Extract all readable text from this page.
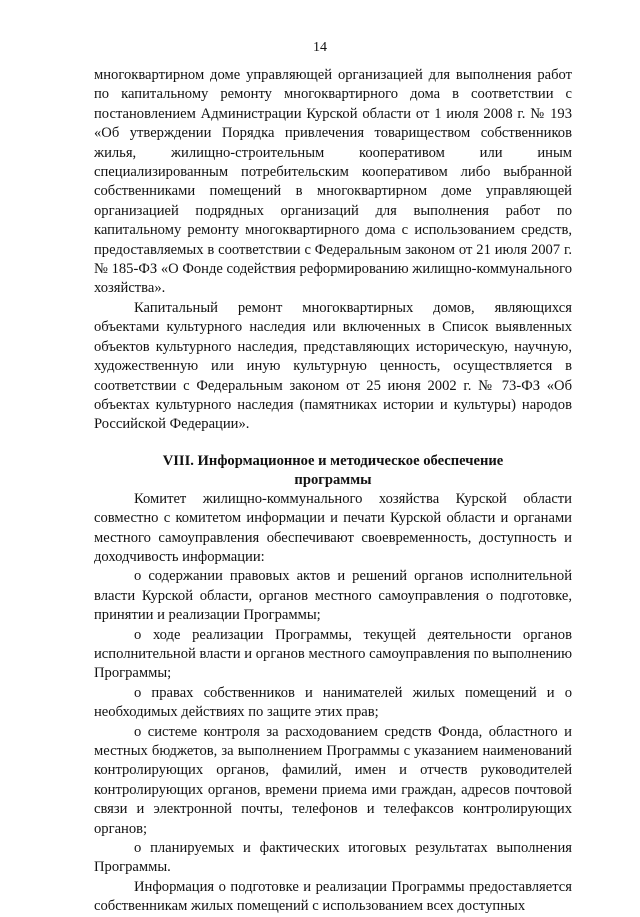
14

многоквартирном доме управляющей организацией для выполнения работ по капитальному ремонту многоквартирного дома в соответствии с постановлением Администрации Курской области от 1 июля 2008 г. № 193 «Об утверждении Порядка привлечения товариществом собственников жилья, жилищно-строительным кооперативом или иным специализированным потребительским кооперативом либо выбранной собственниками помещений в многоквартирном доме управляющей организацией подрядных организаций для выполнения работ по капитальному ремонту многоквартирного дома с использованием средств, предоставляемых в соответствии с Федеральным законом от 21 июля 2007 г. № 185-ФЗ «О Фонде содействия реформированию жилищно-коммунального хозяйства».

Капитальный ремонт многоквартирных домов, являющихся объектами культурного наследия или включенных в Список выявленных объектов культурного наследия, представляющих историческую, научную, художественную или иную культурную ценность, осуществляется в соответствии с Федеральным законом от 25 июня 2002 г. № 73-ФЗ «Об объектах культурного наследия (памятниках истории и культуры) народов Российской Федерации».

VIII. Информационное и методическое обеспечение
программы

Комитет жилищно-коммунального хозяйства Курской области совместно с комитетом информации и печати Курской области и органами местного самоуправления обеспечивают своевременность, доступность и доходчивость информации:

о содержании правовых актов и решений органов исполнительной власти Курской области, органов местного самоуправления о подготовке, принятии и реализации Программы;

о ходе реализации Программы, текущей деятельности органов исполнительной власти и органов местного самоуправления по выполнению Программы;

о правах собственников и нанимателей жилых помещений и о необходимых действиях по защите этих прав;

о системе контроля за расходованием средств Фонда, областного и местных бюджетов, за выполнением Программы с указанием наименований контролирующих органов, фамилий, имен и отчеств руководителей контролирующих органов, времени приема ими граждан, адресов почтовой связи и электронной почты, телефонов и телефаксов контролирующих органов;

о планируемых и фактических итоговых результатах выполнения Программы.

Информация о подготовке и реализации Программы предоставляется собственникам жилых помещений с использованием всех доступных
